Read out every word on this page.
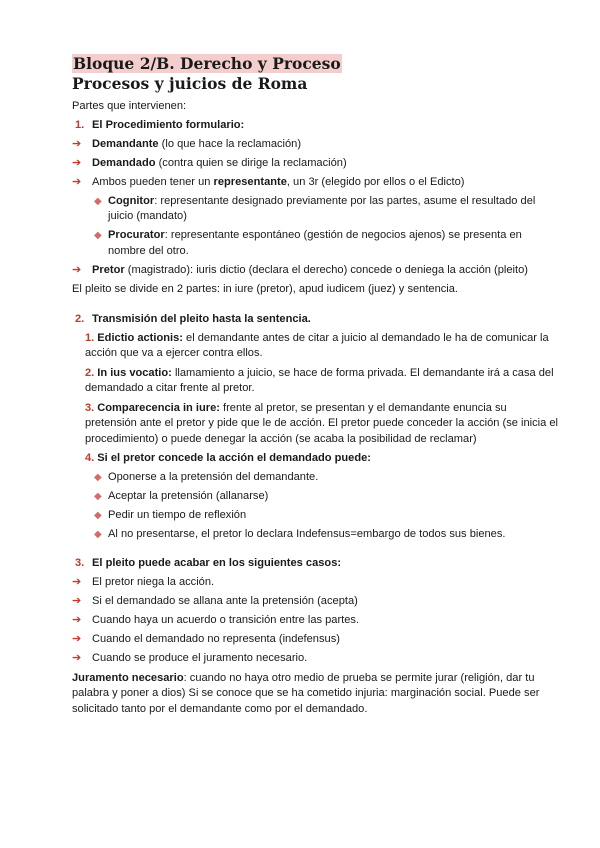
Bloque 2/B. Derecho y Proceso
Procesos y juicios de Roma

Partes que intervienen:

1. El Procedimiento formulario:
➔ Demandante (lo que hace la reclamación)
➔ Demandado (contra quien se dirige la reclamación)
➔ Ambos pueden tener un representante, un 3r (elegido por ellos o el Edicto)
◆ Cognitor: representante designado previamente por las partes, asume el resultado del juicio (mandato)
◆ Procurator: representante espontáneo (gestión de negocios ajenos) se presenta en nombre del otro.
➔ Pretor (magistrado): iuris dictio (declara el derecho) concede o deniega la acción (pleito)

El pleito se divide en 2 partes: in iure (pretor), apud iudicem (juez) y sentencia.

2. Transmisión del pleito hasta la sentencia.

1. Edictio actionis: el demandante antes de citar a juicio al demandado le ha de comunicar la acción que va a ejercer contra ellos.

2. In ius vocatio: llamamiento a juicio, se hace de forma privada. El demandante irá a casa del demandado a citar frente al pretor.

3. Comparecencia in iure: frente al pretor, se presentan y el demandante enuncia su pretensión ante el pretor y pide que le de acción. El pretor puede conceder la acción (se inicia el procedimiento) o puede denegar la acción (se acaba la posibilidad de reclamar)

4. Si el pretor concede la acción el demandado puede:

◆ Oponerse a la pretensión del demandante.
◆ Aceptar la pretensión (allanarse)
◆ Pedir un tiempo de reflexión
◆ Al no presentarse, el pretor lo declara Indefensus=embargo de todos sus bienes.
3. El pleito puede acabar en los siguientes casos:
➔ El pretor niega la acción.
➔ Si el demandado se allana ante la pretensión (acepta)
➔ Cuando haya un acuerdo o transición entre las partes.
➔ Cuando el demandado no representa (indefensus)
➔ Cuando se produce el juramento necesario.

Juramento necesario: cuando no haya otro medio de prueba se permite jurar (religión, dar tu palabra y poner a dios) Si se conoce que se ha cometido injuria: marginación social. Puede ser solicitado tanto por el demandante como por el demandado.
